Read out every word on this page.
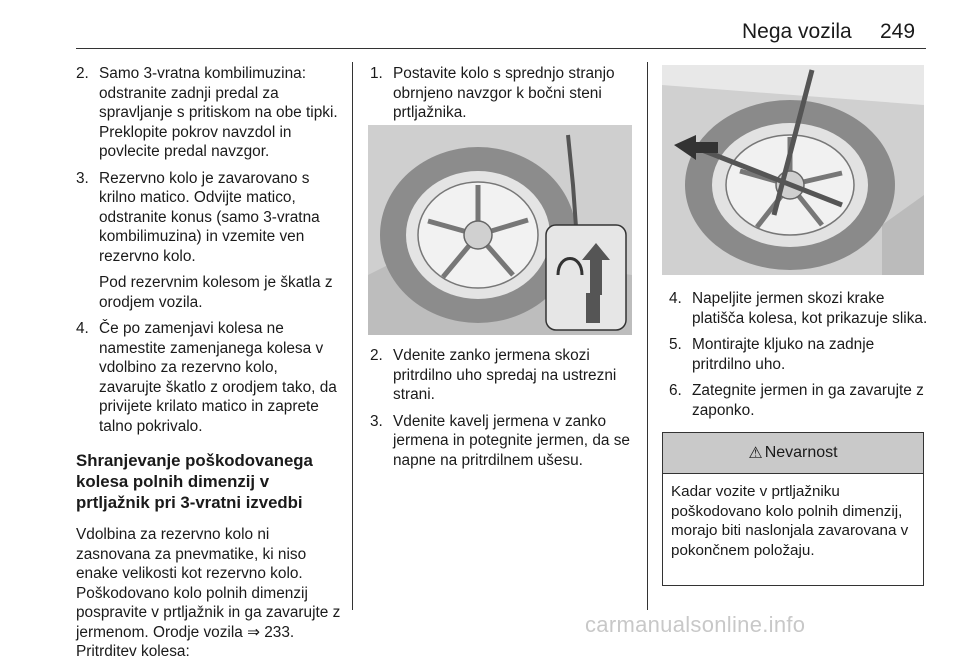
Nega vozila 249
2. Samo 3-vratna kombilimuzina: odstranite zadnji predal za spravljanje s pritiskom na obe tipki. Preklopite pokrov navzdol in povlecite predal navzgor.
3. Rezervno kolo je zavarovano s krilno matico. Odvijte matico, odstranite konus (samo 3-vratna kombilimuzina) in vzemite ven rezervno kolo.

Pod rezervnim kolesom je škatla z orodjem vozila.

4. Če po zamenjavi kolesa ne namestite zamenjanega kolesa v vdolbino za rezervno kolo, zavarujte škatlo z orodjem tako, da privijete krilato matico in zaprete talno pokrivalo.
Shranjevanje poškodovanega kolesa polnih dimenzij v prtljažnik pri 3-vratni izvedbi

Vdolbina za rezervno kolo ni zasnovana za pnevmatike, ki niso enake velikosti kot rezervno kolo. Poškodovano kolo polnih dimenzij pospravite v prtljažnik in ga zavarujte z jermenom. Orodje vozila ⇒ 233. Pritrditev kolesa:

1. Postavite kolo s sprednjo stranjo obrnjeno navzgor k bočni steni prtljažnika.
2. Vdenite zanko jermena skozi pritrdilno uho spredaj na ustrezni strani.
3. Vdenite kavelj jermena v zanko jermena in potegnite jermen, da se napne na pritrdilnem ušesu.
4. Napeljite jermen skozi krake platišča kolesa, kot prikazuje slika.
5. Montirajte kljuko na zadnje pritrdilno uho.
6. Zategnite jermen in ga zavarujte z zaponko.
⚠ Nevarnost
Kadar vozite v prtljažniku poškodovano kolo polnih dimenzij, morajo biti naslonjala zavarovana v pokončnem položaju.
carmanualsonline.info
